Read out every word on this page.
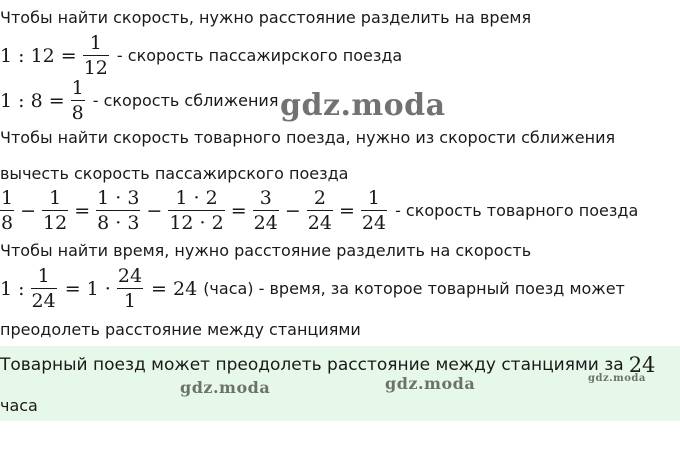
Чтобы найти скорость, нужно расстояние разделить на время
1 : $12 = \frac{1}{12}$ - скорость пассажирского поезда
1 : $8 = \frac{1}{8}$ - скорость сближения gdz.moda
Чтобы найти скорость товарного поезда, нужно из скорости сближения
вычесть скорость пассажирского поезда
$\frac{1}{8} - \frac{1}{12} = \frac{1 \cdot 3}{8 \cdot 3} - \frac{1 \cdot 2}{12 \cdot 2} = \frac{3}{24} - \frac{2}{24} = \frac{1}{24}$ - скорость товарного поезда
Чтобы найти время, нужно расстояние разделить на скорость
1 : $\frac{1}{24} = 1 \cdot \frac{24}{1} = 24$ (часа) - время, за которое товарный поезд может
преодолеть расстояние между станциями
Товарный поезд может преодолеть расстояние между станциями за 24
часа
gdz.moda	gdz.moda	gdz.moda
